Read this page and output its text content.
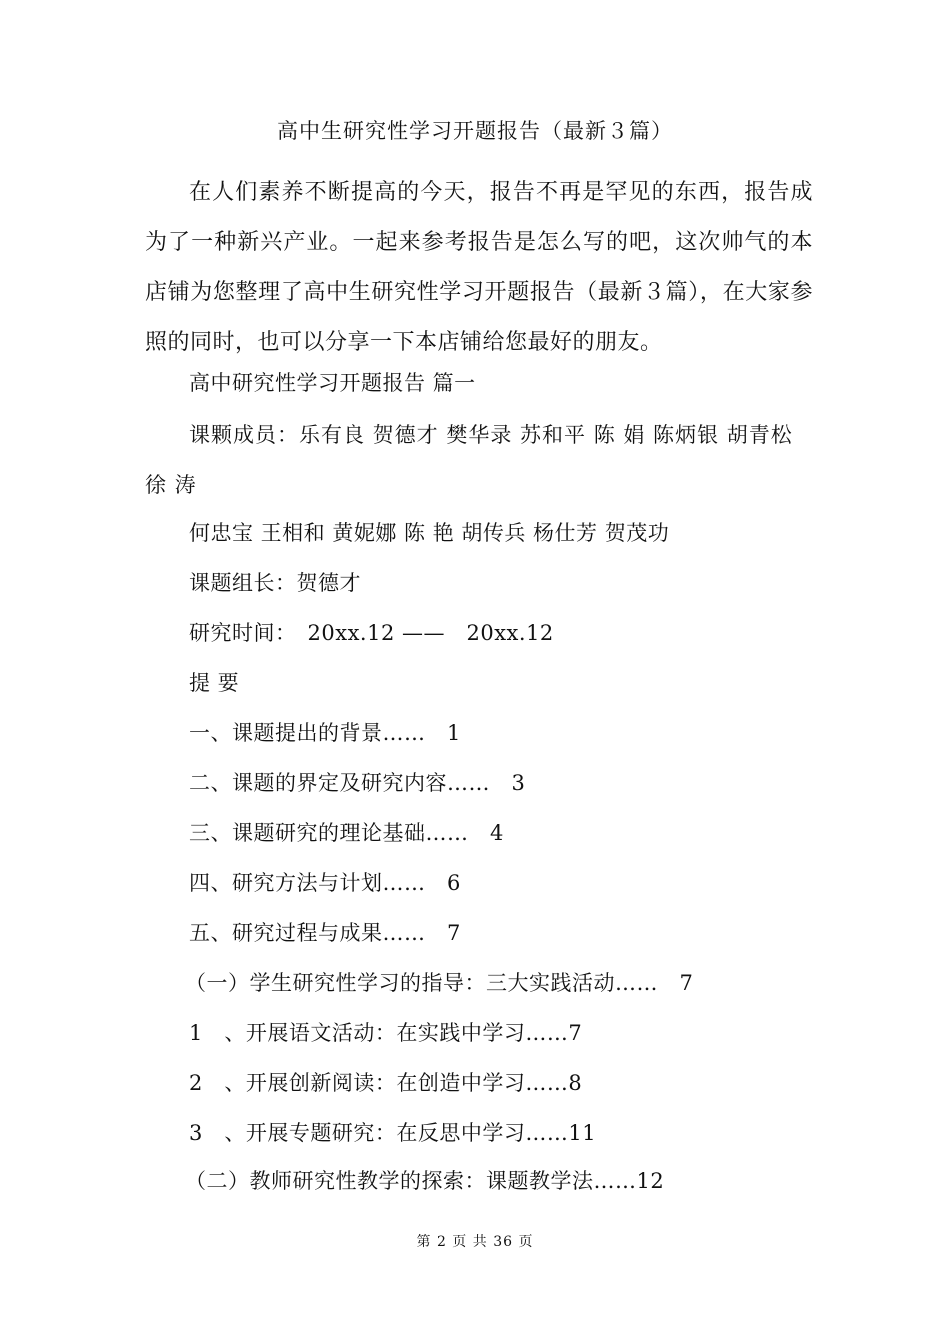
高中生研究性学习开题报告（最新３篇）
在人们素养不断提高的今天，报告不再是罕见的东西，报告成为了一种新兴产业。一起来参考报告是怎么写的吧，这次帅气的本店铺为您整理了高中生研究性学习开题报告（最新３篇），在大家参照的同时，也可以分享一下本店铺给您最好的朋友。
高中研究性学习开题报告 篇一
课颗成员：乐有良 贺德才 樊华录 苏和平 陈 娟 陈炳银 胡青松 徐 涛
何忠宝 王相和 黄妮娜 陈 艳 胡传兵 杨仕芳 贺茂功
课题组长：贺德才
研究时间：　20xx.12 ——　20xx.12
提 要
一、课题提出的背景……　1
二、课题的界定及研究内容……　3
三、课题研究的理论基础……　4
四、研究方法与计划……　6
五、研究过程与成果……　7
（一）学生研究性学习的指导：三大实践活动……　7
1　、开展语文活动：在实践中学习……7
2　、开展创新阅读：在创造中学习……8
3　、开展专题研究：在反思中学习……11
（二）教师研究性教学的探索：课题教学法……12
第 2 页 共 36 页
